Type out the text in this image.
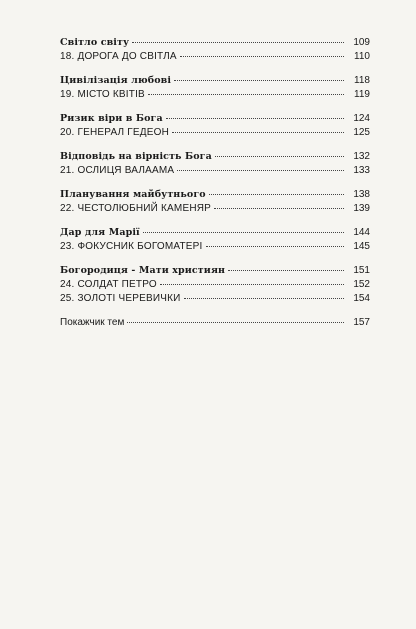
Світло світу	109
18. ДОРОГА ДО СВІТЛА	110
Цивілізація любові	118
19. МІСТО КВІТІВ	119
Ризик віри в Бога	124
20. ГЕНЕРАЛ ГЕДЕОН	125
Відповідь на вірність Бога	132
21. ОСЛИЦЯ ВАЛААМА	133
Планування майбутнього	138
22. ЧЕСТОЛЮБНИЙ КАМЕНЯР	139
Дар для Марії	144
23. ФОКУСНИК БОГОМАТЕРІ	145
Богородиця - Мати християн	151
24. СОЛДАТ ПЕТРО	152
25. ЗОЛОТІ ЧЕРЕВИЧКИ	154
Покажчик тем	157
